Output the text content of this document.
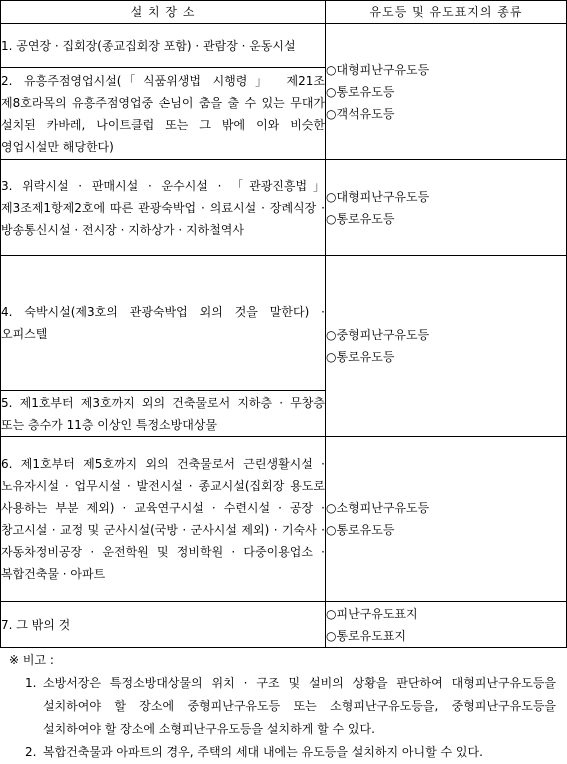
설 치 장 소	유도등 및 유도표지의 종류
1. 공연장 · 집회장(종교집회장 포함) · 관람장 · 운동시설	○대형피난구유도등
○통로유도등
○객석유도등

2. 유흥주점영업시설(「식품위생법 시행령」 제21조 제8호라목의 유흥주점영업중 손님이 춤을 출 수 있는 무대가 설치된 카바레, 나이트클럽 또는 그 밖에 이와 비슷한 영업시설만 해당한다)	
3. 위락시설 · 판매시설 · 운수시설 · 「관광진흥법」 제3조제1항제2호에 따른 관광숙박업 · 의료시설 · 장례식장 · 방송통신시설 · 전시장 · 지하상가 · 지하철역사	○대형피난구유도등
○통로유도등

4. 숙박시설(제3호의 관광숙박업 외의 것을 말한다) · 오피스텔	○중형피난구유도등
○통로유도등

5. 제1호부터 제3호까지 외의 건축물로서 지하층 · 무창층 또는 층수가 11층 이상인 특정소방대상물	
6. 제1호부터 제5호까지 외의 건축물로서 근린생활시설 · 노유자시설 · 업무시설 · 발전시설 · 종교시설(집회장 용도로 사용하는 부분 제외) · 교육연구시설 · 수련시설 · 공장 · 창고시설 · 교정 및 군사시설(국방 · 군사시설 제외) · 기숙사 · 자동차정비공장 · 운전학원 및 정비학원 · 다중이용업소 · 복합건축물 · 아파트	○소형피난구유도등
○통로유도등

7. 그 밖의 것	○피난구유도표지
○통로유도표지
※ 비고 :
1. 소방서장은 특정소방대상물의 위치 · 구조 및 설비의 상황을 판단하여 대형피난구유도등을 설치하여야 할 장소에 중형피난구유도등 또는 소형피난구유도등을, 중형피난구유도등을 설치하여야 할 장소에 소형피난구유도등을 설치하게 할 수 있다.
2. 복합건축물과 아파트의 경우, 주택의 세대 내에는 유도등을 설치하지 아니할 수 있다.
